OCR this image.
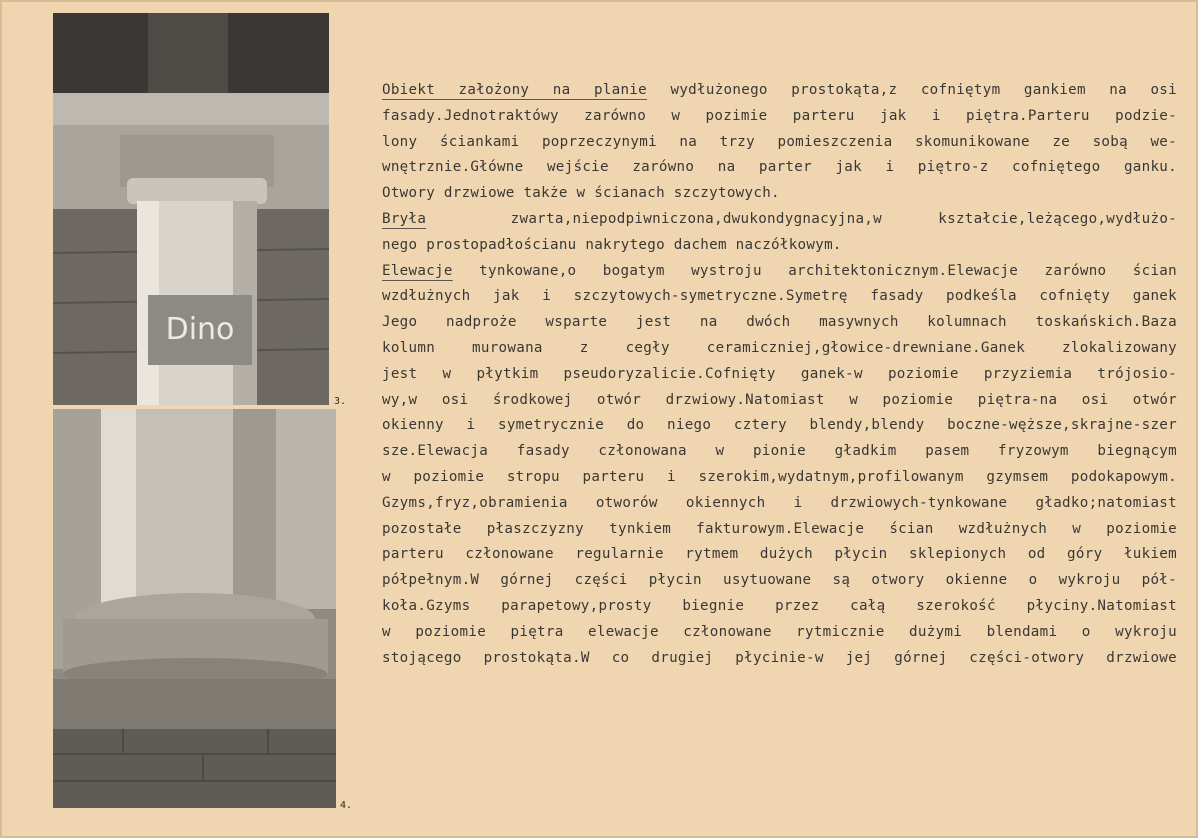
Dino
3.
4.
Obiekt założony na planie wydłużonego prostokąta,z cofniętym gankiem na osi
fasady.Jednotraktówy zarówno w pozimie parteru jak i piętra.Parteru podzie-
lony ściankami poprzeczynymi na trzy pomieszczenia skomunikowane ze sobą we-
wnętrznie.Główne wejście zarówno na parter jak i piętro-z cofniętego ganku.
Otwory drzwiowe także w ścianach szczytowych.
Bryła   zwarta,niepodpiwniczona,dwukondygnacyjna,w  kształcie,leżącego,wydłużo-
nego prostopadłościanu nakrytego dachem naczółkowym.
Elewacje tynkowane,o bogatym wystroju architektonicznym.Elewacje zarówno ścian
wzdłużnych jak i szczytowych-symetryczne.Symetrę fasady podkeśla cofnięty ganek
Jego nadproże wsparte jest na dwóch masywnych kolumnach toskańskich.Baza
kolumn murowana z cegły ceramiczniej,głowice-drewniane.Ganek zlokalizowany
jest w płytkim pseudoryzalicie.Cofnięty ganek-w poziomie przyziemia trójosio-
wy,w osi środkowej otwór drzwiowy.Natomiast w poziomie piętra-na osi otwór
okienny i symetrycznie do niego cztery blendy,blendy boczne-węższe,skrajne-szer
sze.Elewacja fasady członowana w pionie gładkim pasem fryzowym biegnącym
w poziomie stropu parteru i szerokim,wydatnym,profilowanym gzymsem podokapowym.
Gzyms,fryz,obramienia otworów okiennych i drzwiowych-tynkowane gładko;natomiast
pozostałe płaszczyzny tynkiem fakturowym.Elewacje ścian wzdłużnych w poziomie
parteru członowane regularnie rytmem dużych płycin sklepionych od góry łukiem
półpełnym.W górnej części płycin usytuowane są otwory okienne o wykroju pół-
koła.Gzyms parapetowy,prosty biegnie przez całą szerokość płyciny.Natomiast
w poziomie piętra elewacje członowane rytmicznie dużymi blendami o wykroju
stojącego prostokąta.W co drugiej płycinie-w jej górnej części-otwory drzwiowe
